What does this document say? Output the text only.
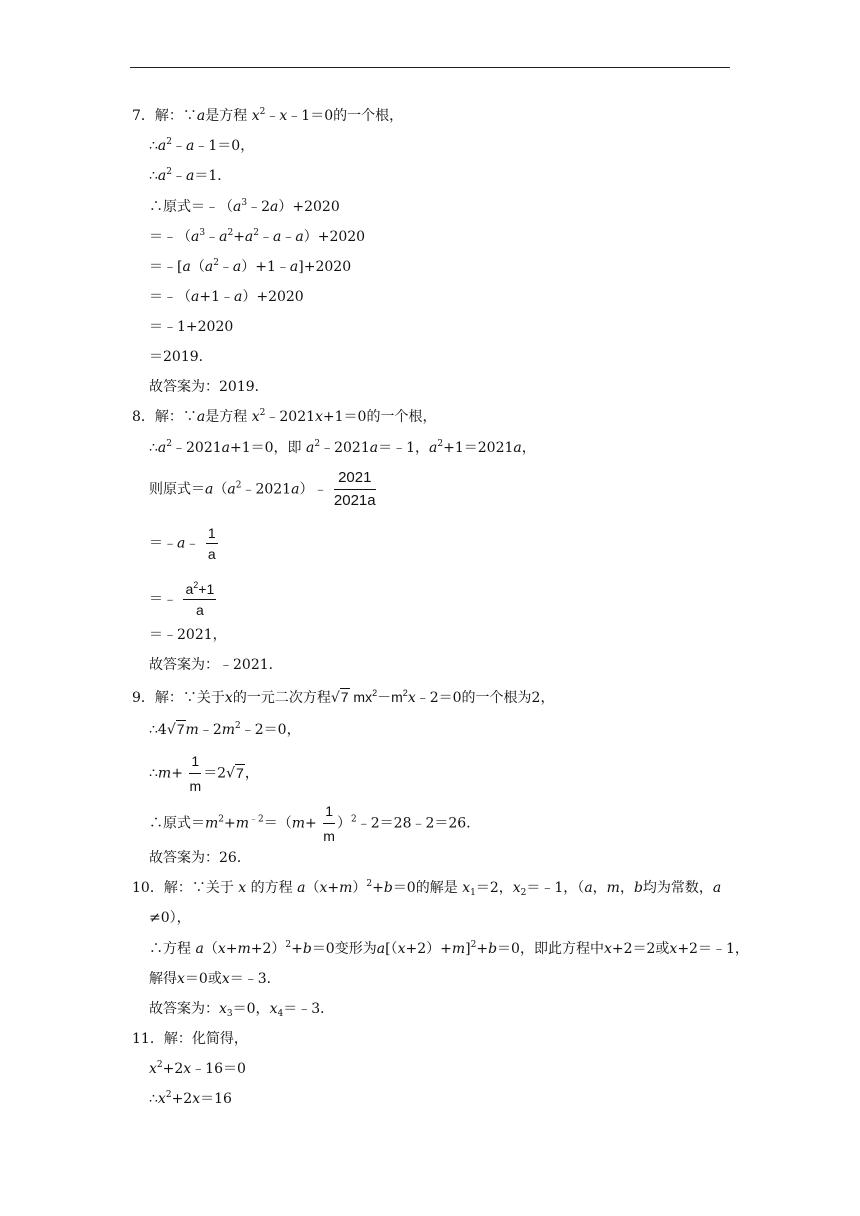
7．解：∵a是方程 $x^2﹣x﹣1=0$的一个根，
$\therefore a^2﹣a﹣1=0$，
$\therefore a^2﹣a=1$．
∴原式$=﹣(a^3﹣2a)+2020$
$=﹣(a^3﹣a^2+a^2﹣a﹣a)+2020$
$=﹣[a(a^2﹣a)+1﹣a]+2020$
＝﹣（a+1﹣a）+2020
＝﹣1+2020
＝2019．
故答案为：2019．
8．解：∵a是方程 $x^2﹣2021x+1=0$的一个根，
$\therefore a^2﹣2021a+1=0$，即 $a^2﹣2021a=﹣1$，$a^2+1=2021a$，
则原式$=a(a^2﹣2021a)﹣ \frac{2021}{2021a}$
＝﹣a﹣ $\frac{1}{a}$
＝﹣ $\frac{a^2+1}{a}$
＝﹣2021，
故答案为：﹣2021．
9．解：∵关于x的一元二次方程√7 $mx^2-m^2x﹣2=0$的一个根为2，
$\therefore 4√7m﹣2m^2﹣2=0$，
∴m+ $\frac{1}{m} =2√7$，
∴原式$=m^2+m^{﹣2}=(m+ \frac{1}{m}$ ）$^2﹣2=28﹣2=26$．
故答案为：26．
10．解：∵关于 x 的方程 $a(x+m)^2+b=0$的解是 $x_1=2$，$x_2=﹣1$，（a，m，b均为常数，a
≠0），
∴方程 $a(x+m+2)^2+b=0$变形为$a[(x+2)+m]^2+b=0$，即此方程中x+2＝2或x+2＝﹣1，
解得x＝0或x＝﹣3．
故答案为：$x_3=0$，$x_4=﹣3$．
11．解：化简得，
$x^2+2x﹣16=0$
$\therefore x^2+2x=16$
